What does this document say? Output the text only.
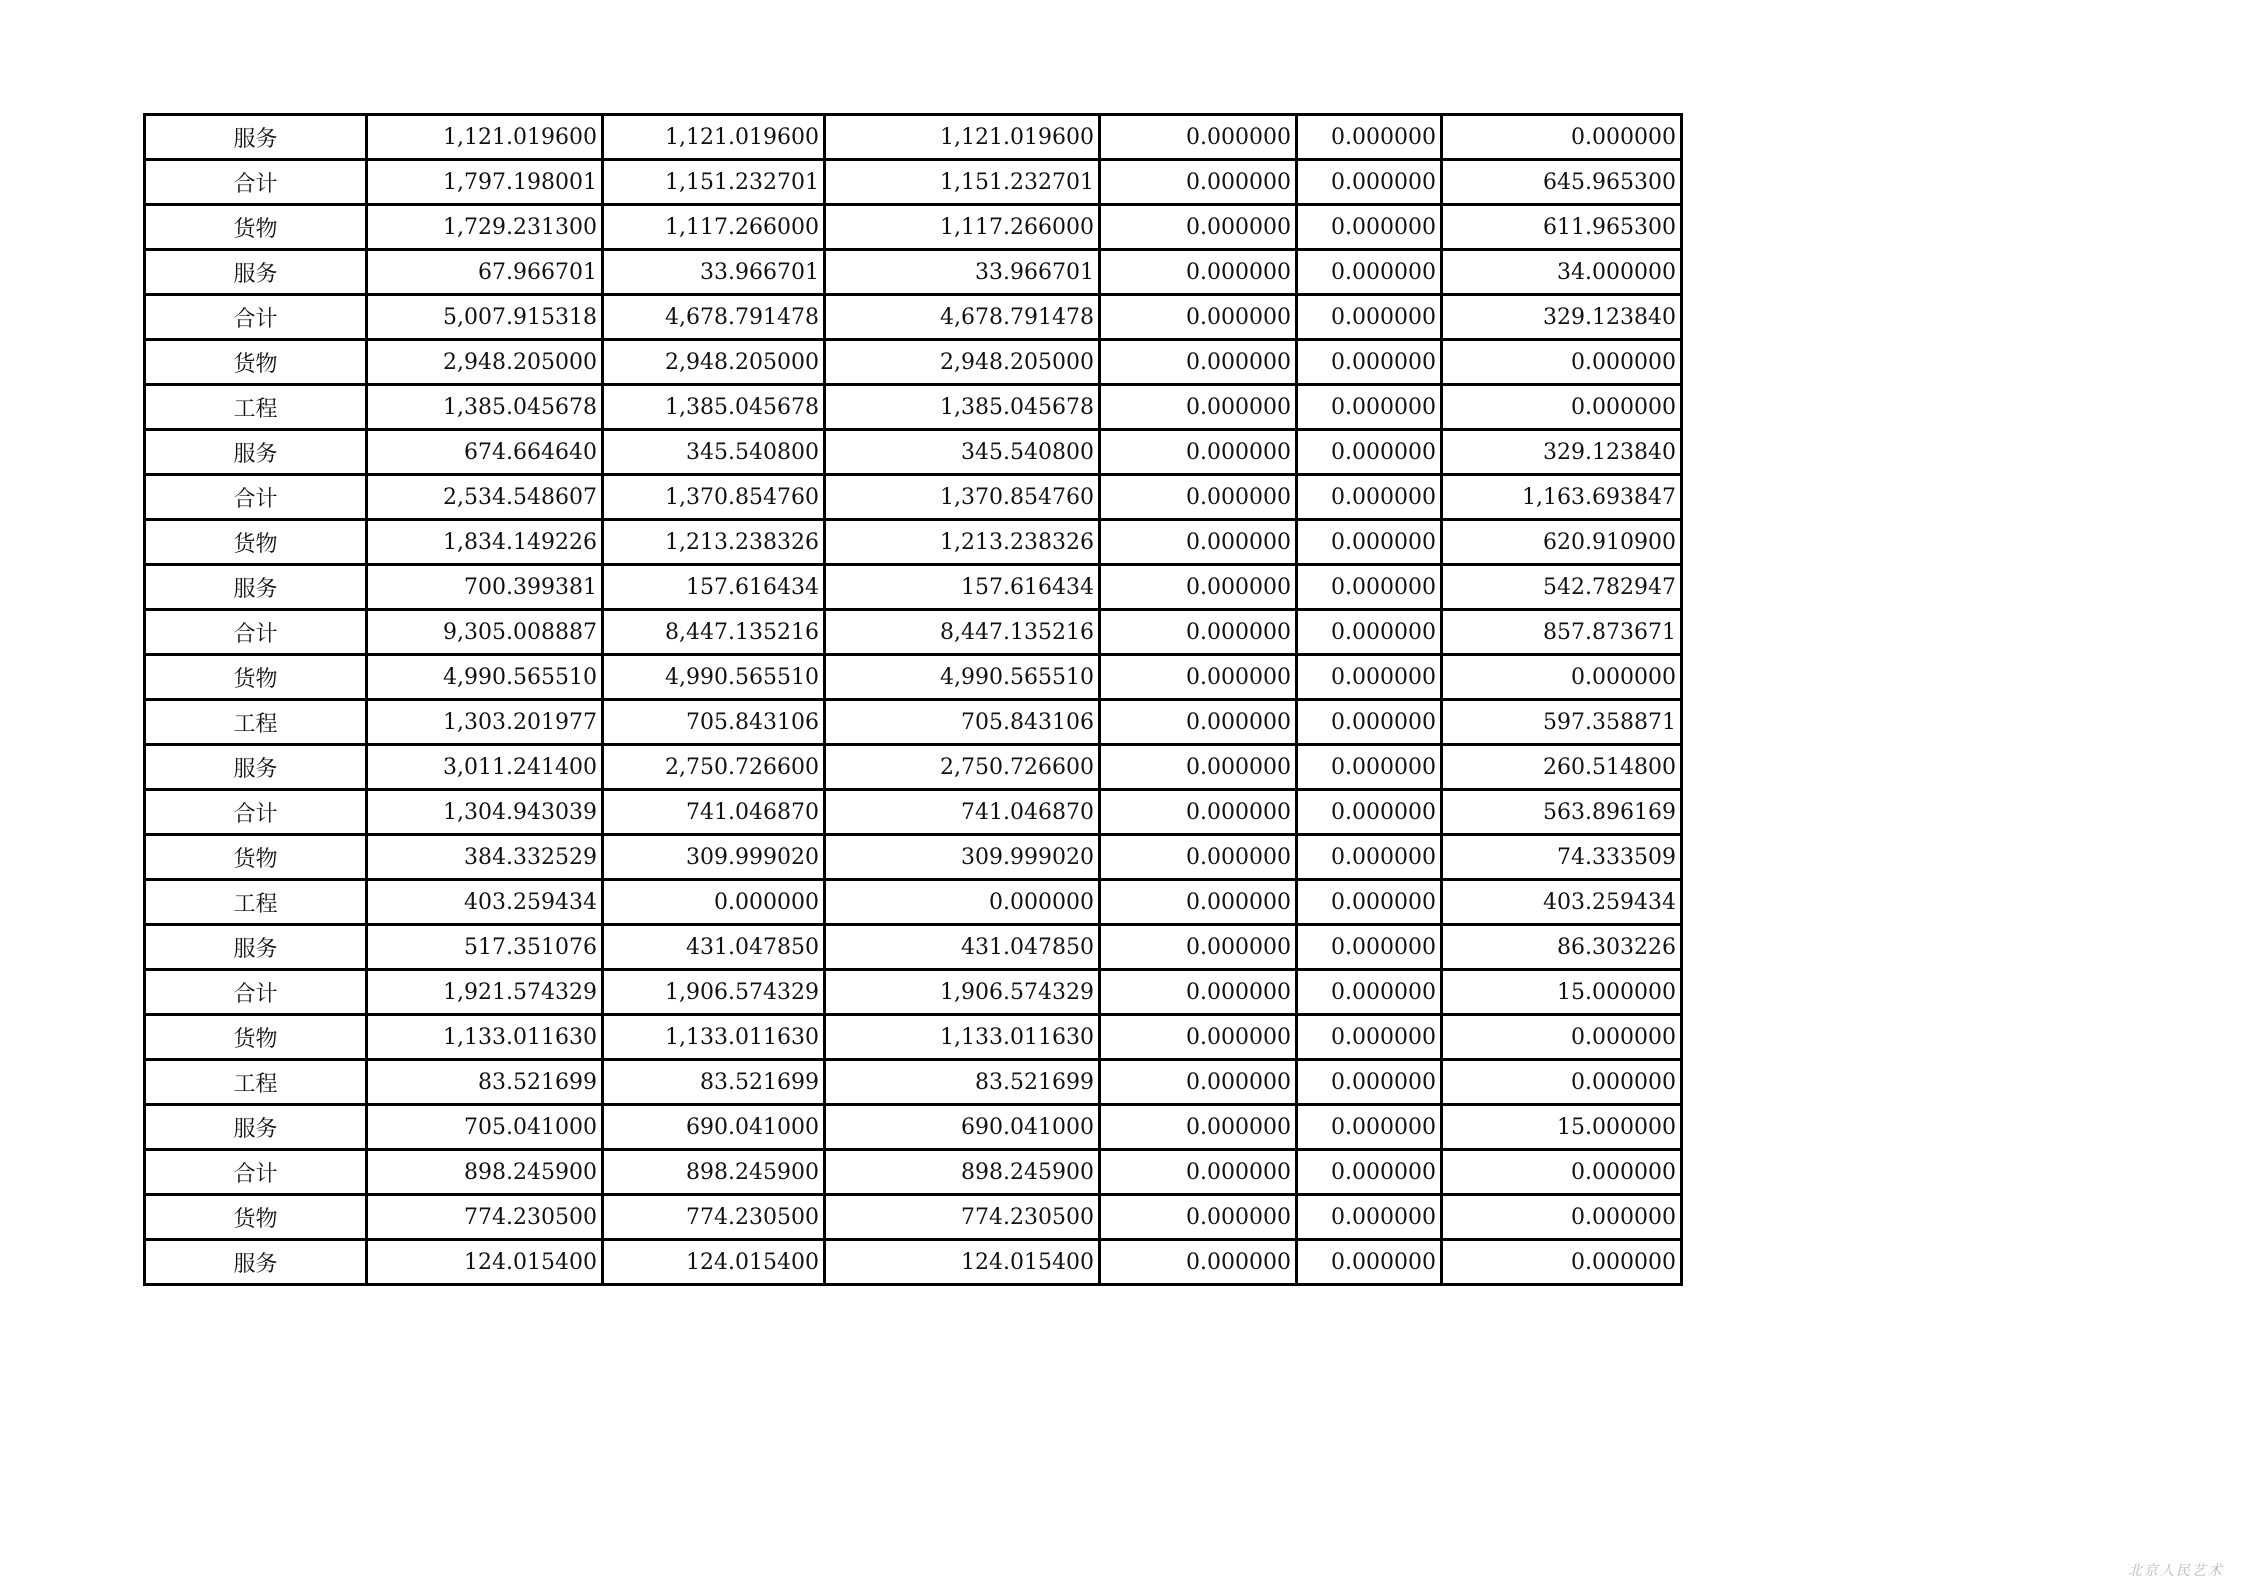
服务	1,121.019600	1,121.019600	1,121.019600	0.000000	0.000000	0.000000
合计	1,797.198001	1,151.232701	1,151.232701	0.000000	0.000000	645.965300
货物	1,729.231300	1,117.266000	1,117.266000	0.000000	0.000000	611.965300
服务	67.966701	33.966701	33.966701	0.000000	0.000000	34.000000
合计	5,007.915318	4,678.791478	4,678.791478	0.000000	0.000000	329.123840
货物	2,948.205000	2,948.205000	2,948.205000	0.000000	0.000000	0.000000
工程	1,385.045678	1,385.045678	1,385.045678	0.000000	0.000000	0.000000
服务	674.664640	345.540800	345.540800	0.000000	0.000000	329.123840
合计	2,534.548607	1,370.854760	1,370.854760	0.000000	0.000000	1,163.693847
货物	1,834.149226	1,213.238326	1,213.238326	0.000000	0.000000	620.910900
服务	700.399381	157.616434	157.616434	0.000000	0.000000	542.782947
合计	9,305.008887	8,447.135216	8,447.135216	0.000000	0.000000	857.873671
货物	4,990.565510	4,990.565510	4,990.565510	0.000000	0.000000	0.000000
工程	1,303.201977	705.843106	705.843106	0.000000	0.000000	597.358871
服务	3,011.241400	2,750.726600	2,750.726600	0.000000	0.000000	260.514800
合计	1,304.943039	741.046870	741.046870	0.000000	0.000000	563.896169
货物	384.332529	309.999020	309.999020	0.000000	0.000000	74.333509
工程	403.259434	0.000000	0.000000	0.000000	0.000000	403.259434
服务	517.351076	431.047850	431.047850	0.000000	0.000000	86.303226
合计	1,921.574329	1,906.574329	1,906.574329	0.000000	0.000000	15.000000
货物	1,133.011630	1,133.011630	1,133.011630	0.000000	0.000000	0.000000
工程	83.521699	83.521699	83.521699	0.000000	0.000000	0.000000
服务	705.041000	690.041000	690.041000	0.000000	0.000000	15.000000
合计	898.245900	898.245900	898.245900	0.000000	0.000000	0.000000
货物	774.230500	774.230500	774.230500	0.000000	0.000000	0.000000
服务	124.015400	124.015400	124.015400	0.000000	0.000000	0.000000
北京人民艺术
